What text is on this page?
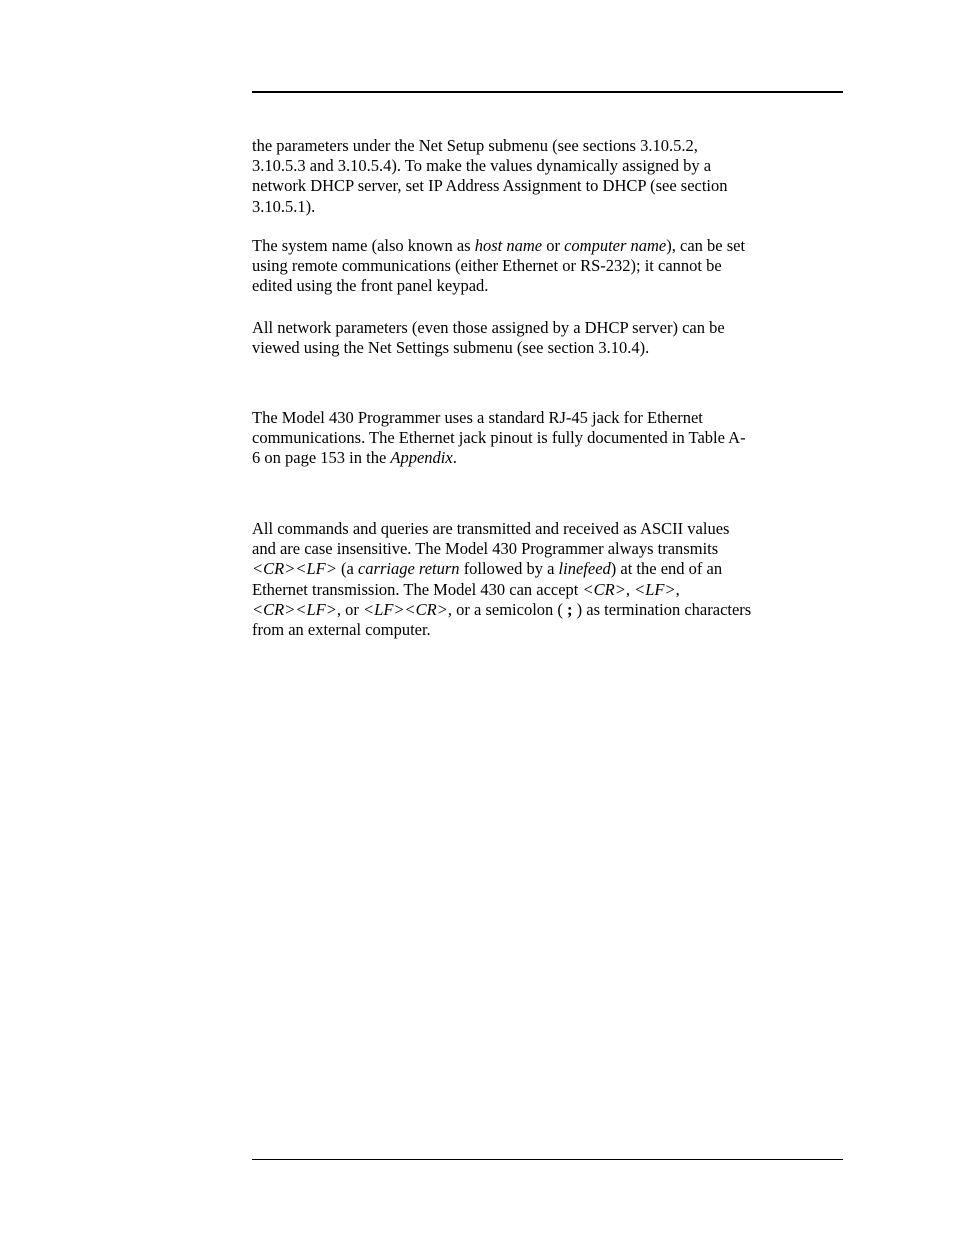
the parameters under the Net Setup submenu (see sections 3.10.5.2,
3.10.5.3 and 3.10.5.4). To make the values dynamically assigned by a
network DHCP server, set IP Address Assignment to DHCP (see section
3.10.5.1).

The system name (also known as host name or computer name), can be set
using remote communications (either Ethernet or RS-232); it cannot be
edited using the front panel keypad.

All network parameters (even those assigned by a DHCP server) can be
viewed using the Net Settings submenu (see section 3.10.4).

The Model 430 Programmer uses a standard RJ-45 jack for Ethernet
communications. The Ethernet jack pinout is fully documented in Table A-
6 on page 153 in the Appendix.

All commands and queries are transmitted and received as ASCII values
and are case insensitive. The Model 430 Programmer always transmits
<CR><LF> (a carriage return followed by a linefeed) at the end of an
Ethernet transmission. The Model 430 can accept <CR>, <LF>,
<CR><LF>, or <LF><CR>, or a semicolon ( ; ) as termination characters
from an external computer.
